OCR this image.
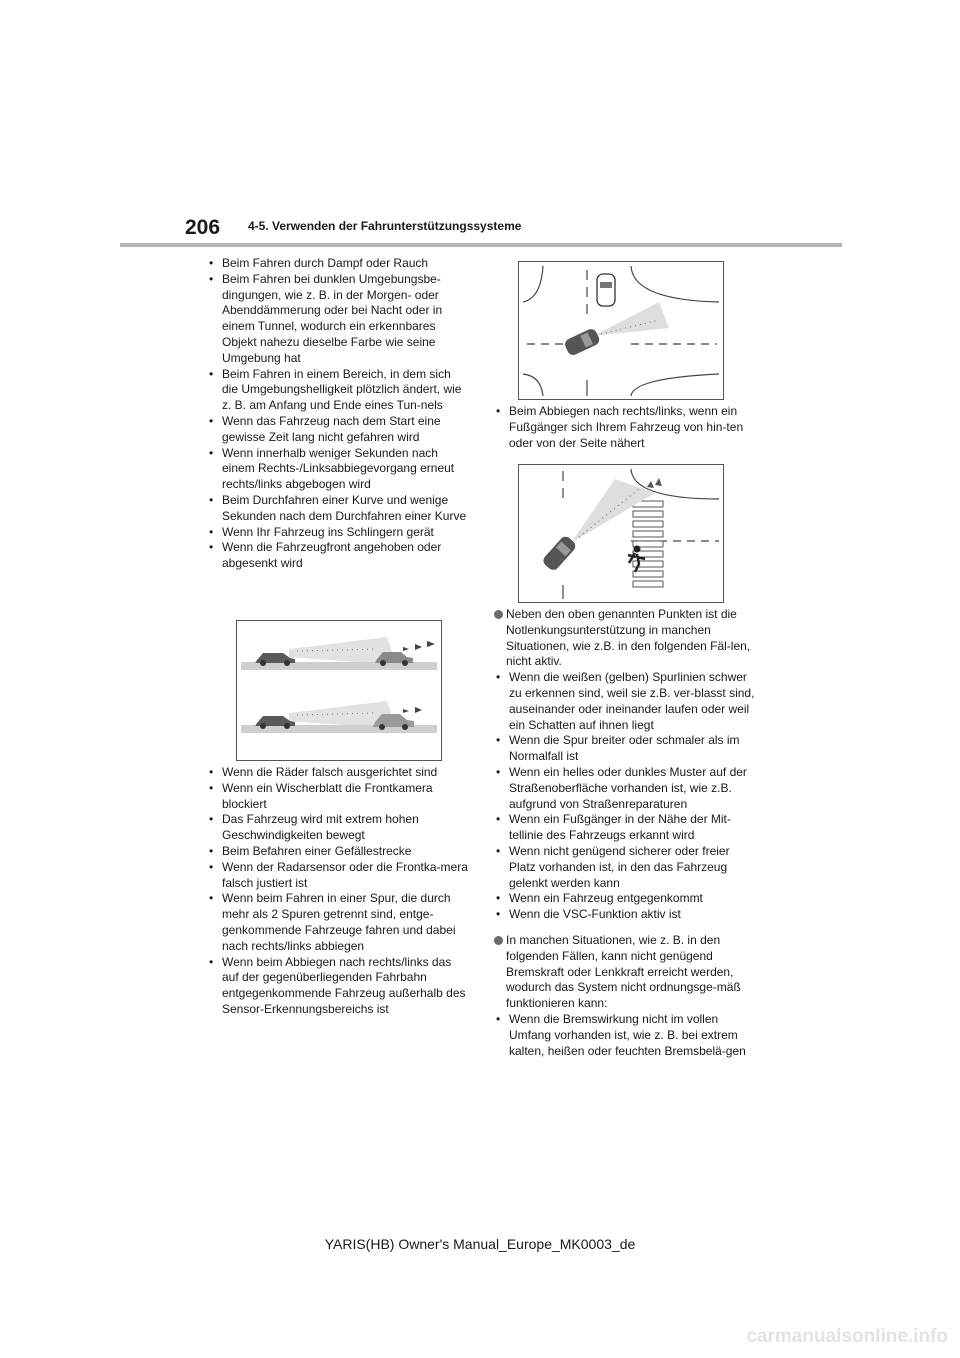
206 4-5. Verwenden der Fahrunterstützungssysteme
• Beim Fahren durch Dampf oder Rauch
• Beim Fahren bei dunklen Umgebungsbe-dingungen, wie z. B. in der Morgen- oder Abenddämmerung oder bei Nacht oder in einem Tunnel, wodurch ein erkennbares Objekt nahezu dieselbe Farbe wie seine Umgebung hat
• Beim Fahren in einem Bereich, in dem sich die Umgebungshelligkeit plötzlich ändert, wie z. B. am Anfang und Ende eines Tun-nels
• Wenn das Fahrzeug nach dem Start eine gewisse Zeit lang nicht gefahren wird
• Wenn innerhalb weniger Sekunden nach einem Rechts-/Linksabbiegevorgang erneut rechts/links abgebogen wird
• Beim Durchfahren einer Kurve und wenige Sekunden nach dem Durchfahren einer Kurve
• Wenn Ihr Fahrzeug ins Schlingern gerät
• Wenn die Fahrzeugfront angehoben oder abgesenkt wird
• Wenn die Räder falsch ausgerichtet sind
• Wenn ein Wischerblatt die Frontkamera blockiert
• Das Fahrzeug wird mit extrem hohen Geschwindigkeiten bewegt
• Beim Befahren einer Gefällestrecke
• Wenn der Radarsensor oder die Frontka-mera falsch justiert ist
• Wenn beim Fahren in einer Spur, die durch mehr als 2 Spuren getrennt sind, entge-genkommende Fahrzeuge fahren und dabei nach rechts/links abbiegen
• Wenn beim Abbiegen nach rechts/links das auf der gegenüberliegenden Fahrbahn entgegenkommende Fahrzeug außerhalb des Sensor-Erkennungsbereichs ist
• Beim Abbiegen nach rechts/links, wenn ein Fußgänger sich Ihrem Fahrzeug von hin-ten oder von der Seite nähert
Neben den oben genannten Punkten ist die Notlenkungsunterstützung in manchen Situationen, wie z.B. in den folgenden Fäl-len, nicht aktiv.
• Wenn die weißen (gelben) Spurlinien schwer zu erkennen sind, weil sie z.B. ver-blasst sind, auseinander oder ineinander laufen oder weil ein Schatten auf ihnen liegt
• Wenn die Spur breiter oder schmaler als im Normalfall ist
• Wenn ein helles oder dunkles Muster auf der Straßenoberfläche vorhanden ist, wie z.B. aufgrund von Straßenreparaturen
• Wenn ein Fußgänger in der Nähe der Mit-tellinie des Fahrzeugs erkannt wird
• Wenn nicht genügend sicherer oder freier Platz vorhanden ist, in den das Fahrzeug gelenkt werden kann
• Wenn ein Fahrzeug entgegenkommt
• Wenn die VSC-Funktion aktiv ist
In manchen Situationen, wie z. B. in den folgenden Fällen, kann nicht genügend Bremskraft oder Lenkkraft erreicht werden, wodurch das System nicht ordnungsge-mäß funktionieren kann:
• Wenn die Bremswirkung nicht im vollen Umfang vorhanden ist, wie z. B. bei extrem kalten, heißen oder feuchten Bremsbelä-gen
YARIS(HB) Owner's Manual_Europe_MK0003_de
carmanualsonline.info
